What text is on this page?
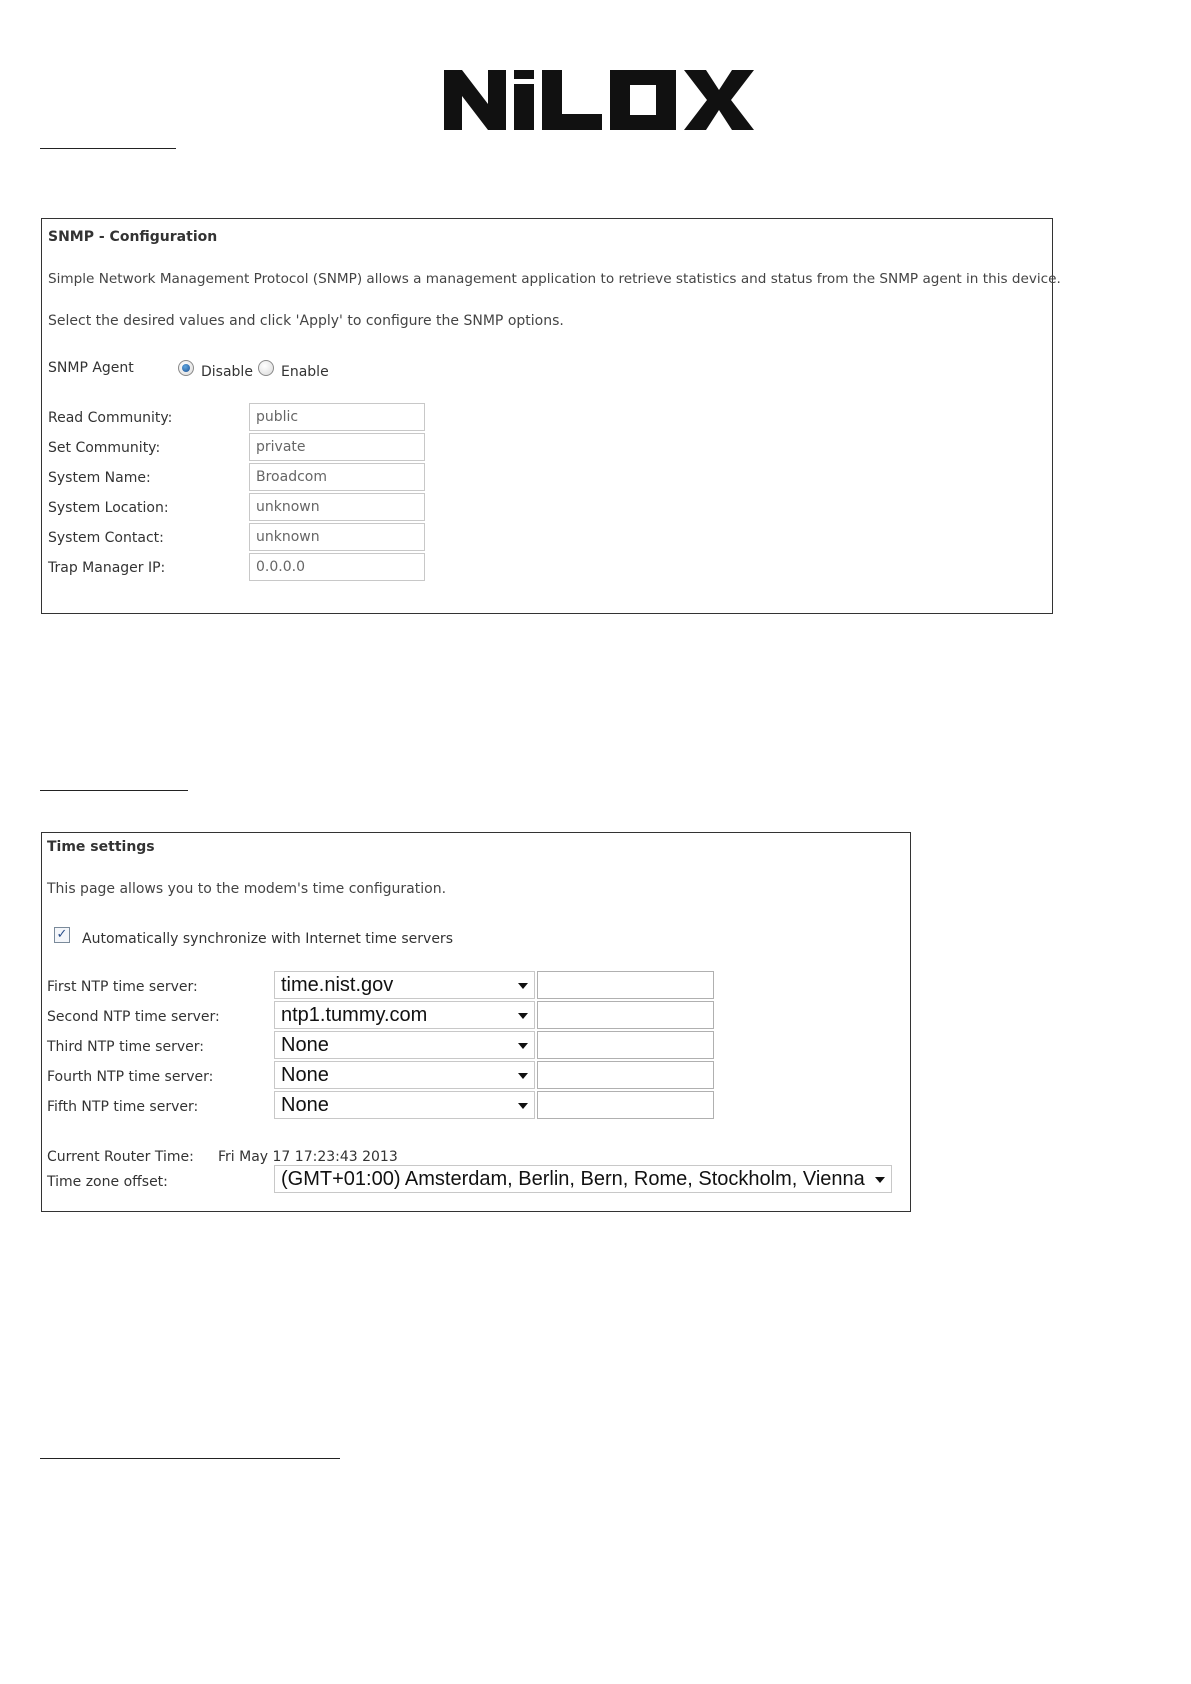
SNMP - Configuration
Simple Network Management Protocol (SNMP) allows a management application to retrieve statistics and status from the SNMP agent in this device.
Select the desired values and click 'Apply' to configure the SNMP options.
SNMP Agent	Disable Enable
Read Community:	public
Set Community:	private
System Name:	Broadcom
System Location:	unknown
System Contact:	unknown
Trap Manager IP:	0.0.0.0
Time settings
This page allows you to the modem's time configuration.
✓ Automatically synchronize with Internet time servers
First NTP time server:	time.nist.gov
Second NTP time server:	ntp1.tummy.com
Third NTP time server:	None
Fourth NTP time server:	None
Fifth NTP time server:	None
Current Router Time: Fri May 17 17:23:43 2013
Time zone offset:	(GMT+01:00) Amsterdam, Berlin, Bern, Rome, Stockholm, Vienna
